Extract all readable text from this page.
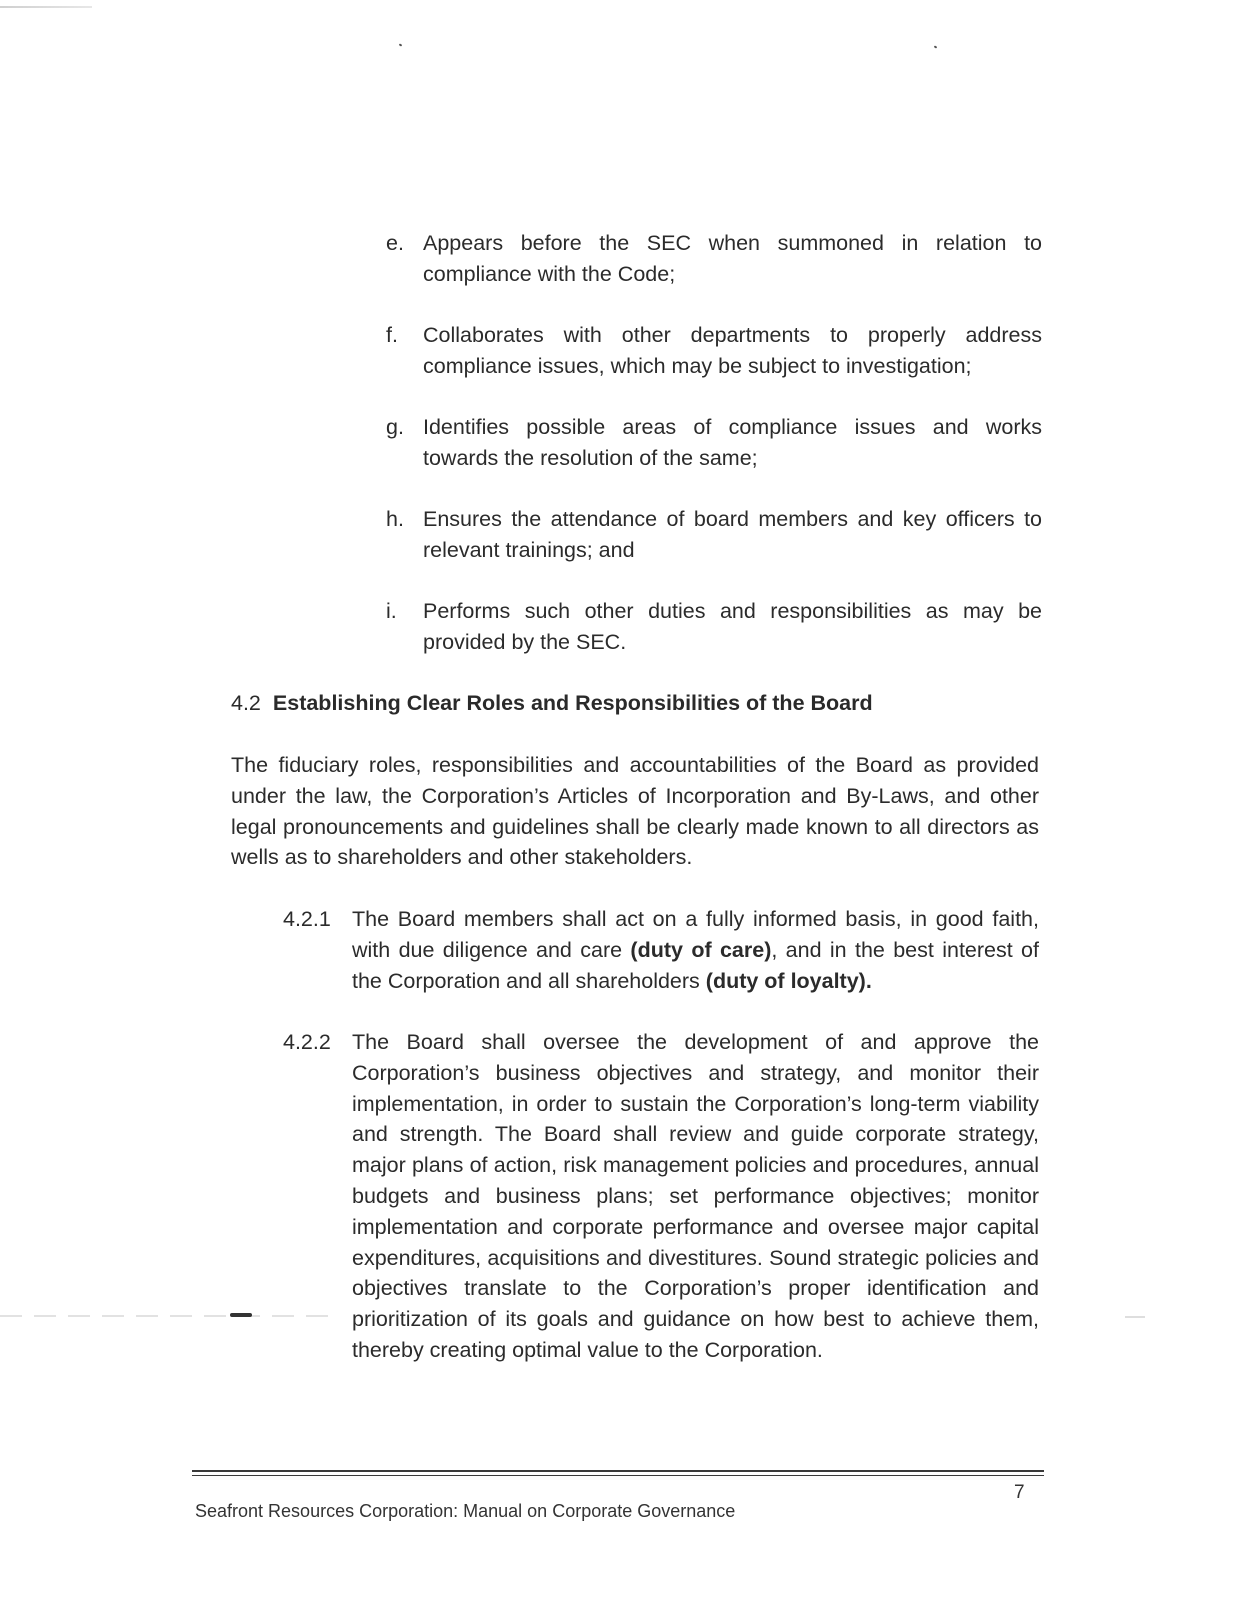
e. Appears before the SEC when summoned in relation to compliance with the Code;
f.	Collaborates with other departments to properly address compliance issues, which may be subject to investigation;
g. Identifies possible areas of compliance issues and works towards the resolution of the same;
h. Ensures the attendance of board members and key officers to relevant trainings; and
i.	Performs such other duties and responsibilities as may be provided by the SEC.
4.2 Establishing Clear Roles and Responsibilities of the Board
The fiduciary roles, responsibilities and accountabilities of the Board as provided under the law, the Corporation’s Articles of Incorporation and By-Laws, and other legal pronouncements and guidelines shall be clearly made known to all directors as wells as to shareholders and other stakeholders.
4.2.1 The Board members shall act on a fully informed basis, in good faith, with due diligence and care (duty of care), and in the best interest of the Corporation and all shareholders (duty of loyalty).
4.2.2 The Board shall oversee the development of and approve the Corporation’s business objectives and strategy, and monitor their implementation, in order to sustain the Corporation’s long-term viability and strength. The Board shall review and guide corporate strategy, major plans of action, risk management policies and procedures, annual budgets and business plans; set performance objectives; monitor implementation and corporate performance and oversee major capital expenditures, acquisitions and divestitures. Sound strategic policies and objectives translate to the Corporation’s proper identification and prioritization of its goals and guidance on how best to achieve them, thereby creating optimal value to the Corporation.
7
Seafront Resources Corporation: Manual on Corporate Governance
